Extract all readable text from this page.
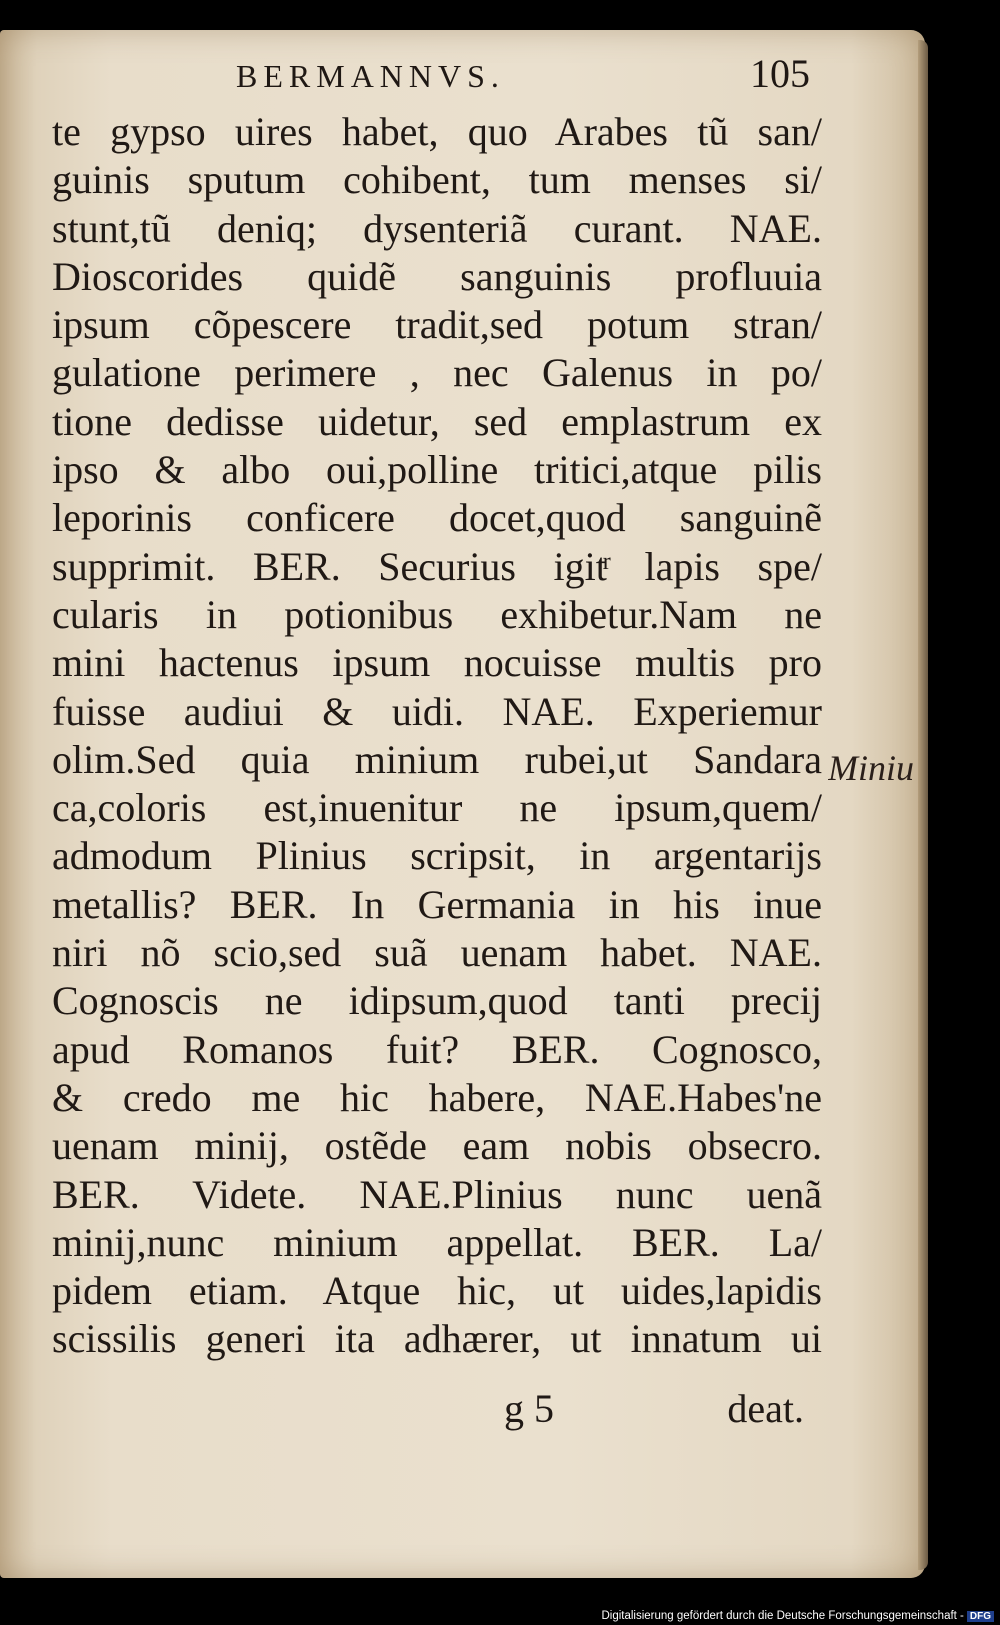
BERMANNVS.	105
te gypso uires habet, quo Arabes tũ san/
guinis sputum cohibent, tum menses si/
stunt,tũ deniq; dysenteriã curant. NAE.
Dioscorides quidẽ sanguinis profluuia
ipsum cõpescere tradit,sed potum stran/
gulatione perimere , nec Galenus in po/
tione dedisse uidetur, sed emplastrum ex
ipso & albo oui,polline tritici,atque pilis
leporinis conficere docet,quod sanguinẽ
supprimit. BER. Securius igitͬ lapis spe/
cularis in potionibus exhibetur.Nam ne
mini hactenus ipsum nocuisse multis pro
fuisse audiui & uidi. NAE. Experiemur
olim.Sed quia minium rubei,ut Sandara
ca,coloris est,inuenitur ne ipsum,quem/
admodum Plinius scripsit, in argentarijs
metallis? BER. In Germania in his inue
niri nõ scio,sed suã uenam habet. NAE.
Cognoscis ne idipsum,quod tanti precij
apud Romanos fuit? BER. Cognosco,
& credo me hic habere, NAE.Habes'ne
uenam minij, ostẽde eam nobis obsecro.
BER. Videte. NAE.Plinius nunc uenã
minij,nunc minium appellat. BER. La/
pidem etiam. Atque hic, ut uides,lapidis
scissilis generi ita adhærer, ut innatum ui
Miniu
g 5	deat.
Digitalisierung gefördert durch die Deutsche Forschungsgemeinschaft - DFG
